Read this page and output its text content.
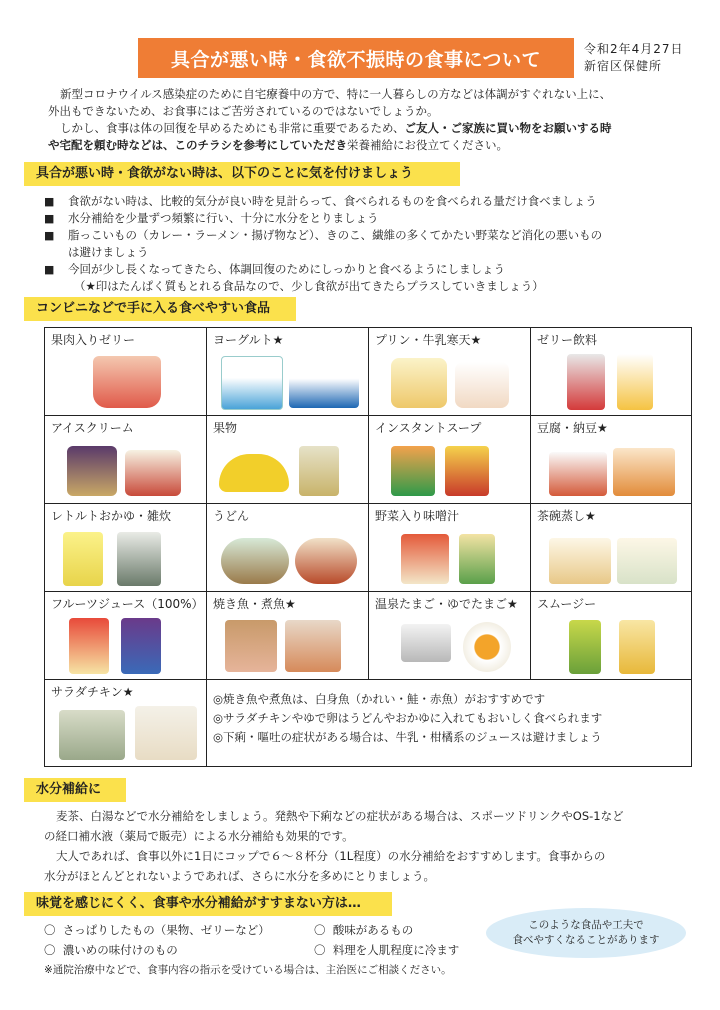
具合が悪い時・食欲不振時の食事について	令和2年4月27日
新宿区保健所
新型コロナウイルス感染症のために自宅療養中の方で、特に一人暮らしの方などは体調がすぐれない上に、
外出もできないため、お食事にはご苦労されているのではないでしょうか。
しかし、食事は体の回復を早めるためにも非常に重要であるため、ご友人・ご家族に買い物をお願いする時
や宅配を頼む時などは、このチラシを参考にしていただき栄養補給にお役立てください。
具合が悪い時・食欲がない時は、以下のことに気を付けましょう
■	食欲がない時は、比較的気分が良い時を見計らって、食べられるものを食べられる量だけ食べましょう
■	水分補給を少量ずつ頻繁に行い、十分に水分をとりましょう
■	脂っこいもの（カレー・ラーメン・揚げ物など）、きのこ、繊維の多くてかたい野菜など消化の悪いもの
は避けましょう
■	今回が少し長くなってきたら、体調回復のためにしっかりと食べるようにしましょう
（★印はたんぱく質もとれる食品なので、少し食欲が出てきたらプラスしていきましょう）
コンビニなどで手に入る食べやすい食品
果肉入りゼリー	ヨーグルト★	プリン・牛乳寒天★	ゼリー飲料
アイスクリーム	果物	インスタントスープ	豆腐・納豆★
レトルトおかゆ・雑炊	うどん	野菜入り味噌汁	茶碗蒸し★
フルーツジュース（100%） 焼き魚・煮魚★	温泉たまご・ゆでたまご★ スムージー
サラダチキン★	◎焼き魚や煮魚は、白身魚（かれい・鮭・赤魚）がおすすめです
◎サラダチキンやゆで卵はうどんやおかゆに入れてもおいしく食べられます
◎下痢・嘔吐の症状がある場合は、牛乳・柑橘系のジュースは避けましょう
水分補給に
麦茶、白湯などで水分補給をしましょう。発熱や下痢などの症状がある場合は、スポーツドリンクやOS-1など
の経口補水液（薬局で販売）による水分補給も効果的です。
大人であれば、食事以外に1日にコップで６～８杯分（1L程度）の水分補給をおすすめします。食事からの
水分がほとんどとれないようであれば、さらに水分を多めにとりましょう。
味覚を感じにくく、食事や水分補給がすすまない方は…
〇 さっぱりしたもの（果物、ゼリーなど）
〇 濃いめの味付けのもの
〇 酸味があるもの
〇 料理を人肌程度に冷ます
このような食品や工夫で
食べやすくなることがあります
※通院治療中などで、食事内容の指示を受けている場合は、主治医にご相談ください。
